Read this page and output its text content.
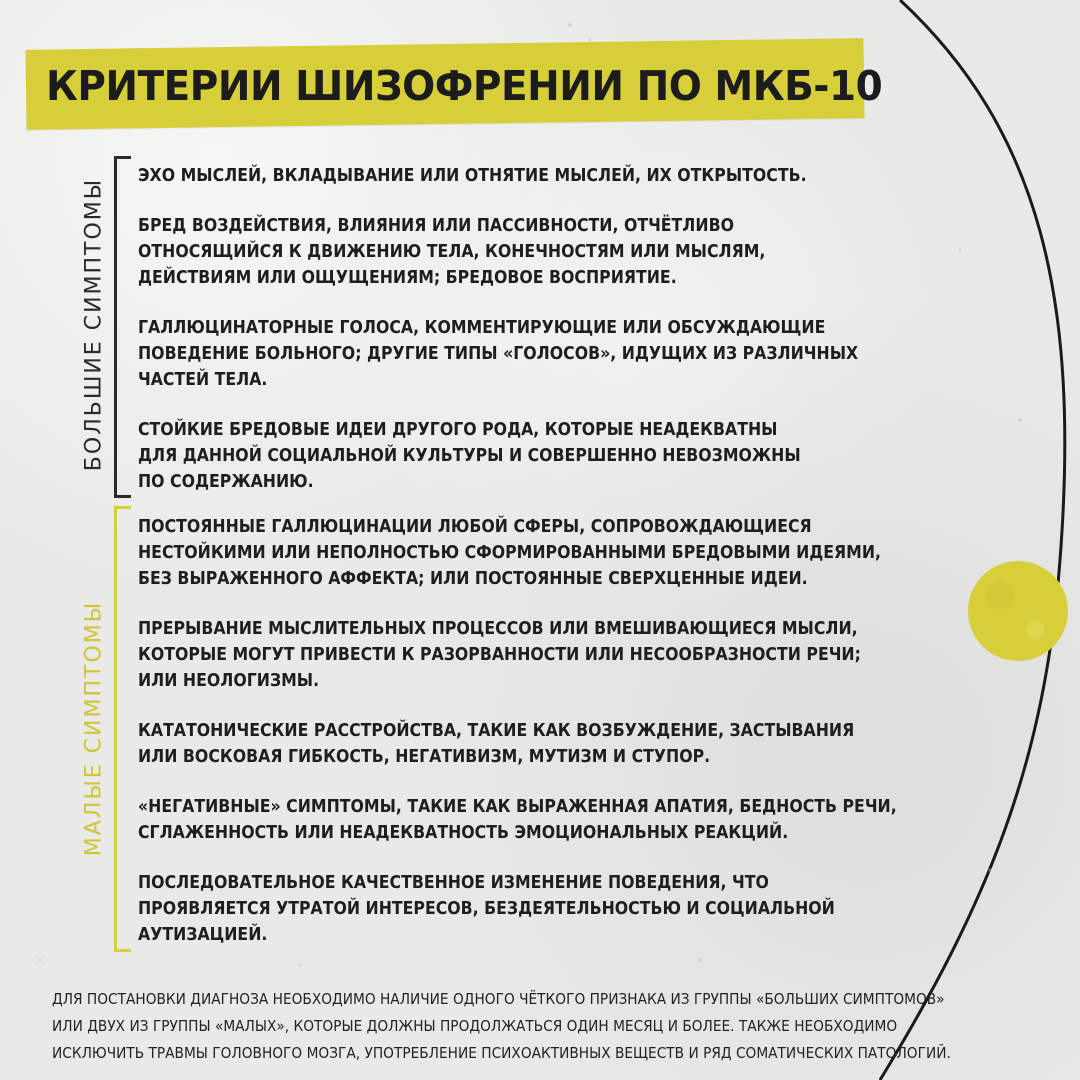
КРИТЕРИИ ШИЗОФРЕНИИ ПО МКБ-10
БОЛЬШИЕ СИМПТОМЫ

ЭХО МЫСЛЕЙ, ВКЛАДЫВАНИЕ ИЛИ ОТНЯТИЕ МЫСЛЕЙ, ИХ ОТКРЫТОСТЬ.

БРЕД ВОЗДЕЙСТВИЯ, ВЛИЯНИЯ ИЛИ ПАССИВНОСТИ, ОТЧЁТЛИВО
ОТНОСЯЩИЙСЯ К ДВИЖЕНИЮ ТЕЛА, КОНЕЧНОСТЯМ ИЛИ МЫСЛЯМ,
ДЕЙСТВИЯМ ИЛИ ОЩУЩЕНИЯМ; БРЕДОВОЕ ВОСПРИЯТИЕ.

ГАЛЛЮЦИНАТОРНЫЕ ГОЛОСА, КОММЕНТИРУЮЩИЕ ИЛИ ОБСУЖДАЮЩИЕ
ПОВЕДЕНИЕ БОЛЬНОГО; ДРУГИЕ ТИПЫ «ГОЛОСОВ», ИДУЩИХ ИЗ РАЗЛИЧНЫХ
ЧАСТЕЙ ТЕЛА.

СТОЙКИЕ БРЕДОВЫЕ ИДЕИ ДРУГОГО РОДА, КОТОРЫЕ НЕАДЕКВАТНЫ
ДЛЯ ДАННОЙ СОЦИАЛЬНОЙ КУЛЬТУРЫ И СОВЕРШЕННО НЕВОЗМОЖНЫ
ПО СОДЕРЖАНИЮ.

МАЛЫЕ СИМПТОМЫ

ПОСТОЯННЫЕ ГАЛЛЮЦИНАЦИИ ЛЮБОЙ СФЕРЫ, СОПРОВОЖДАЮЩИЕСЯ
НЕСТОЙКИМИ ИЛИ НЕПОЛНОСТЬЮ СФОРМИРОВАННЫМИ БРЕДОВЫМИ ИДЕЯМИ,
БЕЗ ВЫРАЖЕННОГО АФФЕКТА; ИЛИ ПОСТОЯННЫЕ СВЕРХЦЕННЫЕ ИДЕИ.

ПРЕРЫВАНИЕ МЫСЛИТЕЛЬНЫХ ПРОЦЕССОВ ИЛИ ВМЕШИВАЮЩИЕСЯ МЫСЛИ,
КОТОРЫЕ МОГУТ ПРИВЕСТИ К РАЗОРВАННОСТИ ИЛИ НЕСООБРАЗНОСТИ РЕЧИ;
ИЛИ НЕОЛОГИЗМЫ.

КАТАТОНИЧЕСКИЕ РАССТРОЙСТВА, ТАКИЕ КАК ВОЗБУЖДЕНИЕ, ЗАСТЫВАНИЯ
ИЛИ ВОСКОВАЯ ГИБКОСТЬ, НЕГАТИВИЗМ, МУТИЗМ И СТУПОР.

«НЕГАТИВНЫЕ» СИМПТОМЫ, ТАКИЕ КАК ВЫРАЖЕННАЯ АПАТИЯ, БЕДНОСТЬ РЕЧИ,
СГЛАЖЕННОСТЬ ИЛИ НЕАДЕКВАТНОСТЬ ЭМОЦИОНАЛЬНЫХ РЕАКЦИЙ.

ПОСЛЕДОВАТЕЛЬНОЕ КАЧЕСТВЕННОЕ ИЗМЕНЕНИЕ ПОВЕДЕНИЯ, ЧТО
ПРОЯВЛЯЕТСЯ УТРАТОЙ ИНТЕРЕСОВ, БЕЗДЕЯТЕЛЬНОСТЬЮ И СОЦИАЛЬНОЙ
АУТИЗАЦИЕЙ.

ДЛЯ ПОСТАНОВКИ ДИАГНОЗА НЕОБХОДИМО НАЛИЧИЕ ОДНОГО ЧЁТКОГО ПРИЗНАКА ИЗ ГРУППЫ «БОЛЬШИХ СИМПТОМОВ»
ИЛИ ДВУХ ИЗ ГРУППЫ «МАЛЫХ», КОТОРЫЕ ДОЛЖНЫ ПРОДОЛЖАТЬСЯ ОДИН МЕСЯЦ И БОЛЕЕ. ТАКЖЕ НЕОБХОДИМО
ИСКЛЮЧИТЬ ТРАВМЫ ГОЛОВНОГО МОЗГА, УПОТРЕБЛЕНИЕ ПСИХОАКТИВНЫХ ВЕЩЕСТВ И РЯД СОМАТИЧЕСКИХ ПАТОЛОГИЙ.
